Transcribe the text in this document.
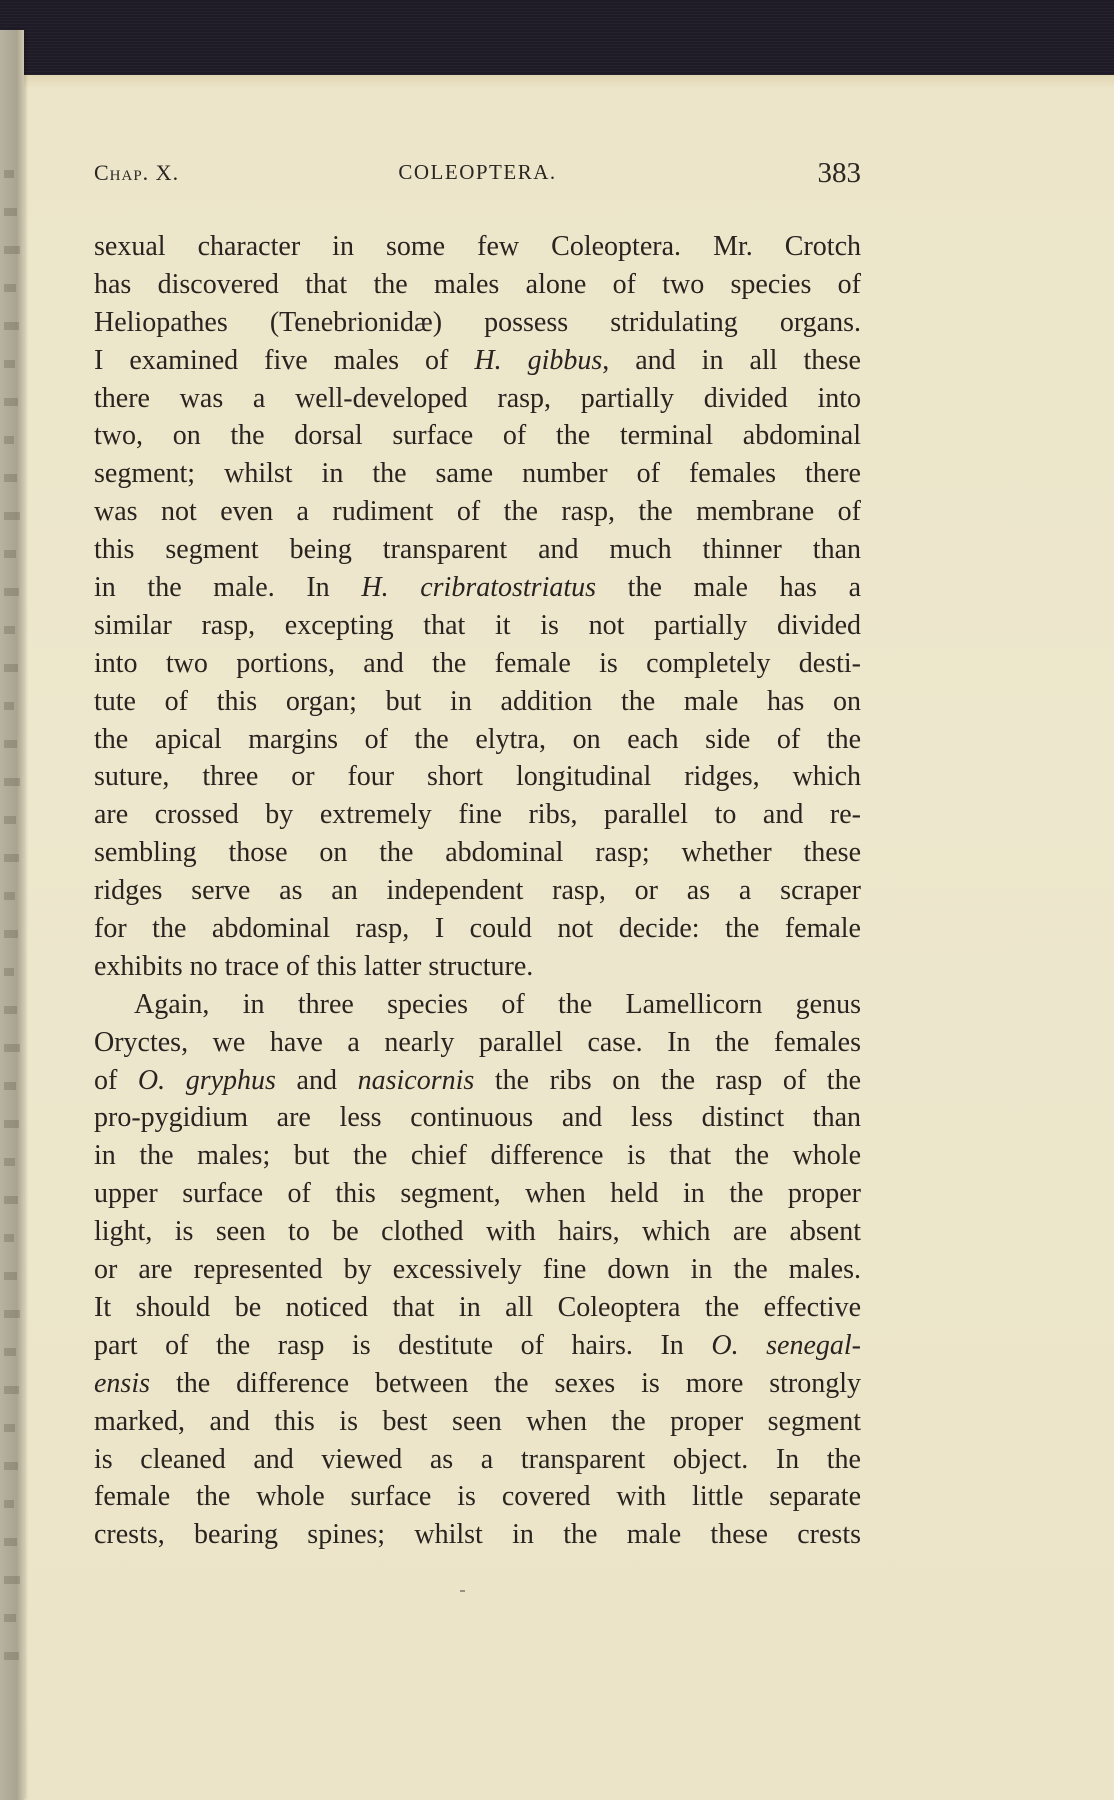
Chap. X.	COLEOPTERA.	383
sexual character in some few Coleoptera. Mr. Crotch
has discovered that the males alone of two species of
Heliopathes (Tenebrionidæ) possess stridulating organs.
I examined five males of H. gibbus, and in all these
there was a well-developed rasp, partially divided into
two, on the dorsal surface of the terminal abdominal
segment; whilst in the same number of females there
was not even a rudiment of the rasp, the membrane of
this segment being transparent and much thinner than
in the male. In H. cribratostriatus the male has a
similar rasp, excepting that it is not partially divided
into two portions, and the female is completely desti-
tute of this organ; but in addition the male has on
the apical margins of the elytra, on each side of the
suture, three or four short longitudinal ridges, which
are crossed by extremely fine ribs, parallel to and re-
sembling those on the abdominal rasp; whether these
ridges serve as an independent rasp, or as a scraper
for the abdominal rasp, I could not decide: the female
exhibits no trace of this latter structure.
Again, in three species of the Lamellicorn genus
Oryctes, we have a nearly parallel case. In the females
of O. gryphus and nasicornis the ribs on the rasp of the
pro-pygidium are less continuous and less distinct than
in the males; but the chief difference is that the whole
upper surface of this segment, when held in the proper
light, is seen to be clothed with hairs, which are absent
or are represented by excessively fine down in the males.
It should be noticed that in all Coleoptera the effective
part of the rasp is destitute of hairs. In O. senegal-
ensis the difference between the sexes is more strongly
marked, and this is best seen when the proper segment
is cleaned and viewed as a transparent object. In the
female the whole surface is covered with little separate
crests, bearing spines; whilst in the male these crests
